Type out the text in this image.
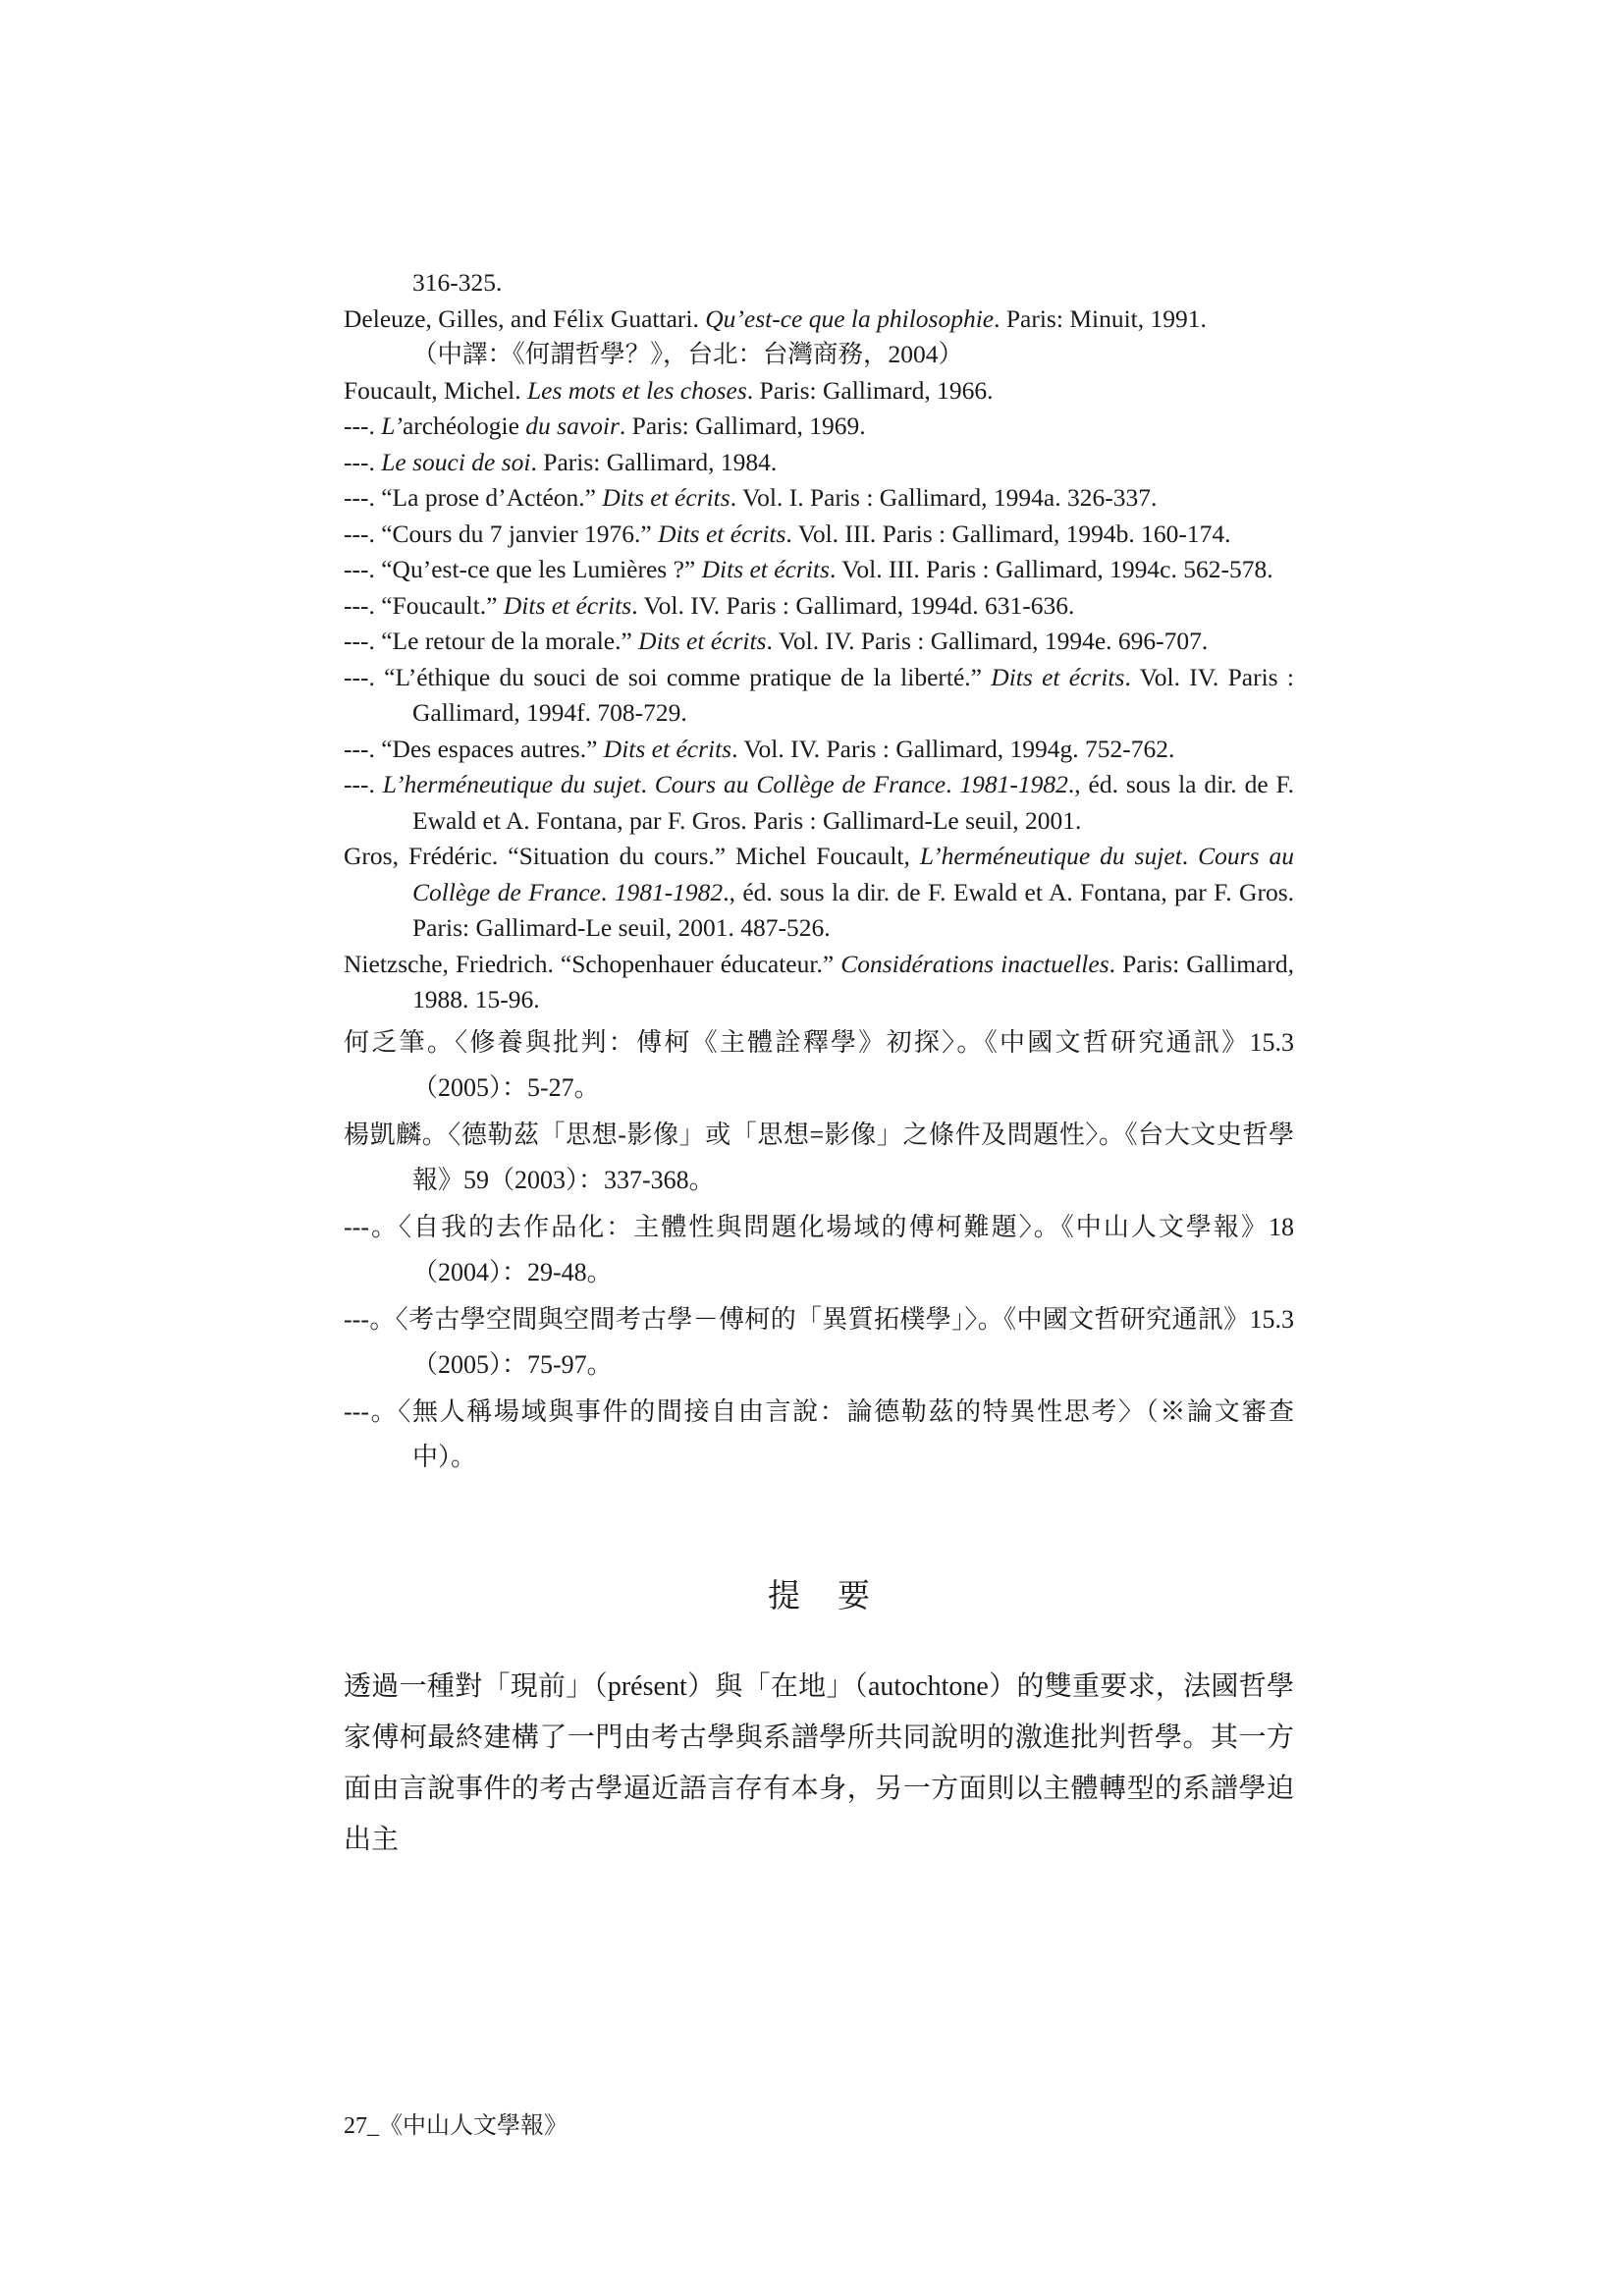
316-325.

Deleuze, Gilles, and Félix Guattari. Qu’est-ce que la philosophie. Paris: Minuit, 1991.

（中譯：《何謂哲學？》，台北：台灣商務，2004）

Foucault, Michel. Les mots et les choses. Paris: Gallimard, 1966.

---. L’archéologie du savoir. Paris: Gallimard, 1969.

---. Le souci de soi. Paris: Gallimard, 1984.

---. “La prose d’Actéon.” Dits et écrits. Vol. I. Paris : Gallimard, 1994a. 326-337.

---. “Cours du 7 janvier 1976.” Dits et écrits. Vol. III. Paris : Gallimard, 1994b. 160-174.

---. “Qu’est-ce que les Lumières ?” Dits et écrits. Vol. III. Paris : Gallimard, 1994c. 562-578.

---. “Foucault.” Dits et écrits. Vol. IV. Paris : Gallimard, 1994d. 631-636.

---. “Le retour de la morale.” Dits et écrits. Vol. IV. Paris : Gallimard, 1994e. 696-707.

---. “L’éthique du souci de soi comme pratique de la liberté.” Dits et écrits. Vol. IV. Paris : Gallimard, 1994f. 708-729.

---. “Des espaces autres.” Dits et écrits. Vol. IV. Paris : Gallimard, 1994g. 752-762.

---. L’herméneutique du sujet. Cours au Collège de France. 1981-1982., éd. sous la dir. de F. Ewald et A. Fontana, par F. Gros. Paris : Gallimard-Le seuil, 2001.

Gros, Frédéric. “Situation du cours.” Michel Foucault, L’herméneutique du sujet. Cours au Collège de France. 1981-1982., éd. sous la dir. de F. Ewald et A. Fontana, par F. Gros. Paris: Gallimard-Le seuil, 2001. 487-526.

Nietzsche, Friedrich. “Schopenhauer éducateur.” Considérations inactuelles. Paris: Gallimard, 1988. 15-96.

何乏筆。〈修養與批判：傅柯《主體詮釋學》初探〉。《中國文哲研究通訊》15.3（2005）：5-27。

楊凱麟。〈德勒茲「思想-影像」或「思想=影像」之條件及問題性〉。《台大文史哲學報》59（2003）：337-368。

---。〈自我的去作品化：主體性與問題化場域的傅柯難題〉。《中山人文學報》18（2004）：29-48。

---。〈考古學空間與空間考古學－傅柯的「異質拓樸學」〉。《中國文哲研究通訊》15.3（2005）：75-97。

---。〈無人稱場域與事件的間接自由言說：論德勒茲的特異性思考〉（※論文審查中）。

提要

透過一種對「現前」（présent）與「在地」（autochtone）的雙重要求，法國哲學家傅柯最終建構了一門由考古學與系譜學所共同說明的激進批判哲學。其一方面由言說事件的考古學逼近語言存有本身，另一方面則以主體轉型的系譜學迫出主

27_《中山人文學報》
